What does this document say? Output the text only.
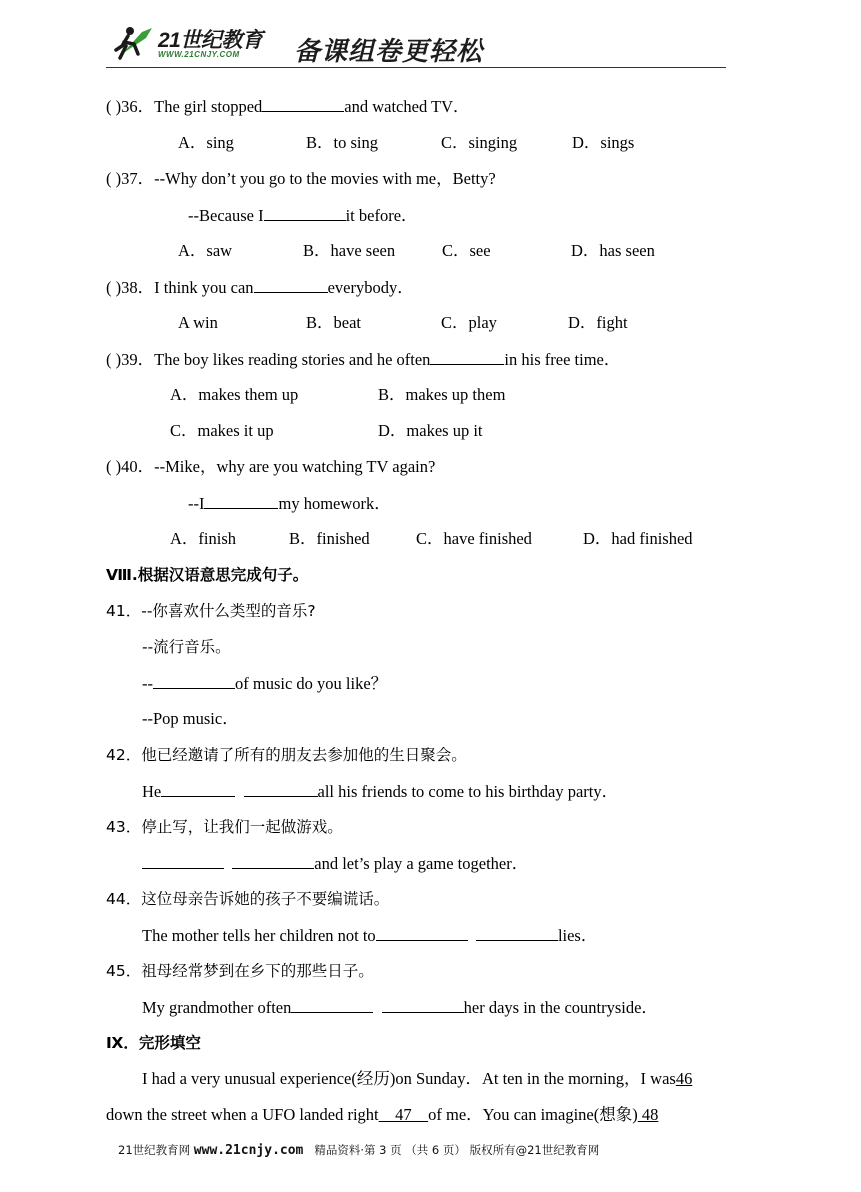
21世纪教育
WWW.21CNJY.COM 备课组卷更轻松
( )36．The girl stopped	and watched TV．
A．sing	B．to sing	C．singing	D．sings
( )37．--Why don’t you go to the movies with me，Betty?
--Because I	it before．
A．saw	B．have seen	C．see	D．has seen
( )38．I think you can	everybody．
A win	B．beat	C．play	D．fight
( )39．The boy likes reading stories and he often	in his free time．
A．makes them up	B．makes up them
C．makes it up	D．makes up it
( )40．--Mike，why are you watching TV again?
--I	my homework．
A．finish	B．finished	C．have finished	D．had finished
Ⅷ.根据汉语意思完成句子。
41．--你喜欢什么类型的音乐?
--流行音乐。
--	of music do you like？
--Pop music．
42．他已经邀请了所有的朋友去参加他的生日聚会。
He	all his friends to come to his birthday party．
43．停止写，让我们一起做游戏。
and let’s play a game together．
44．这位母亲告诉她的孩子不要编谎话。
The mother tells her children not to	lies．
45．祖母经常梦到在乡下的那些日子。
My grandmother often	her days in the countryside．
Ⅸ．完形填空
I had a very unusual experience(经历)on Sunday．At ten in the morning，I was46
down the street when a UFO landed right    47    of me．You can imagine(想象) 48
21世纪教育网 www.21cnjy.com 精品资料·第 3 页 （共 6 页） 版权所有@21世纪教育网
